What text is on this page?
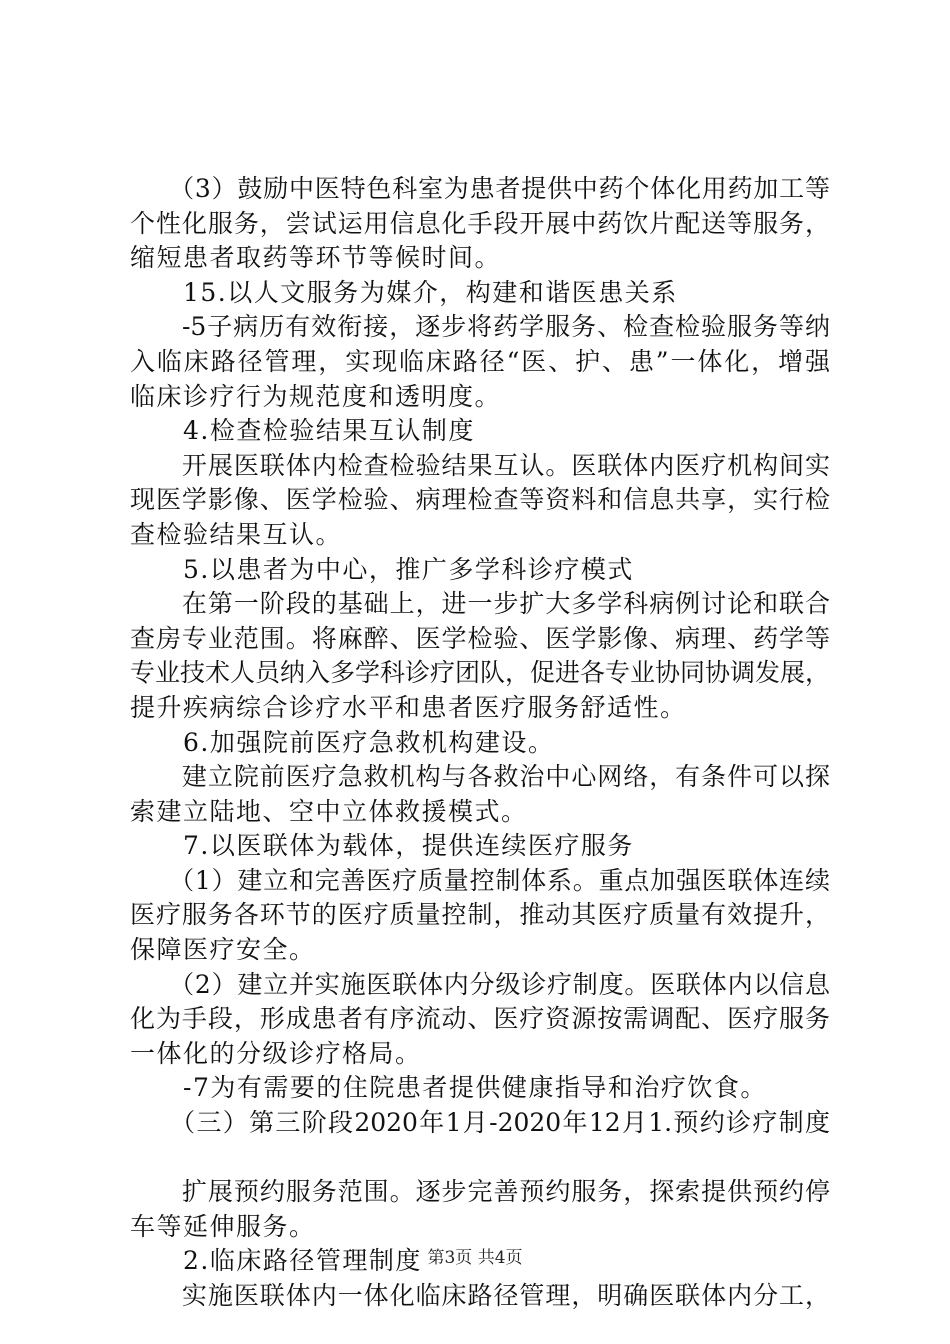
　　（3）鼓励中医特色科室为患者提供中药个体化用药加工等
个性化服务，尝试运用信息化手段开展中药饮片配送等服务，
缩短患者取药等环节等候时间。
　　15.以人文服务为媒介，构建和谐医患关系
　　-5子病历有效衔接，逐步将药学服务、检查检验服务等纳
入临床路径管理，实现临床路径“医、护、患”一体化，增强
临床诊疗行为规范度和透明度。
　　4.检查检验结果互认制度
　　开展医联体内检查检验结果互认。医联体内医疗机构间实
现医学影像、医学检验、病理检查等资料和信息共享，实行检
查检验结果互认。
　　5.以患者为中心，推广多学科诊疗模式
　　在第一阶段的基础上，进一步扩大多学科病例讨论和联合
查房专业范围。将麻醉、医学检验、医学影像、病理、药学等
专业技术人员纳入多学科诊疗团队，促进各专业协同协调发展，
提升疾病综合诊疗水平和患者医疗服务舒适性。
　　6.加强院前医疗急救机构建设。
　　建立院前医疗急救机构与各救治中心网络，有条件可以探
索建立陆地、空中立体救援模式。
　　7.以医联体为载体，提供连续医疗服务
　　（1）建立和完善医疗质量控制体系。重点加强医联体连续
医疗服务各环节的医疗质量控制，推动其医疗质量有效提升，
保障医疗安全。
　　（2）建立并实施医联体内分级诊疗制度。医联体内以信息
化为手段，形成患者有序流动、医疗资源按需调配、医疗服务
一体化的分级诊疗格局。
　　-7为有需要的住院患者提供健康指导和治疗饮食。
　　（三）第三阶段2020年1月-2020年12月1.预约诊疗制度
　　扩展预约服务范围。逐步完善预约服务，探索提供预约停
车等延伸服务。
　　2.临床路径管理制度
　　实施医联体内一体化临床路径管理，明确医联体内分工，
第3页 共4页
